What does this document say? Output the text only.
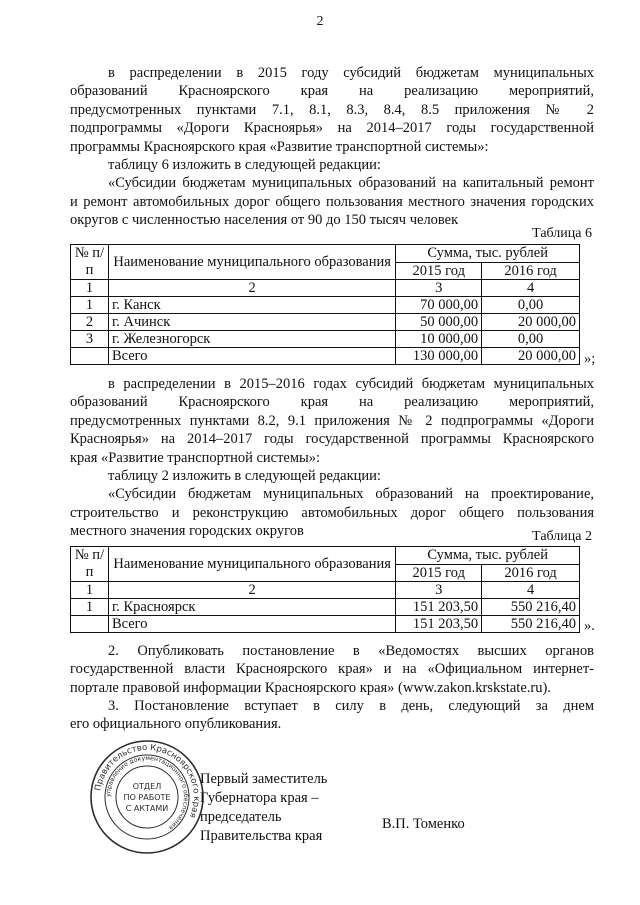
2
в распределении в 2015 году субсидий бюджетам муниципальных
образований Красноярского края на реализацию мероприятий,
предусмотренных пунктами 7.1, 8.1, 8.3, 8.4, 8.5 приложения № 2
подпрограммы «Дороги Красноярья» на 2014–2017 годы государственной
программы Красноярского края «Развитие транспортной системы»:
таблицу 6 изложить в следующей редакции:
«Субсидии бюджетам муниципальных образований на капитальный ремонт
и ремонт автомобильных дорог общего пользования местного значения городских
округов с численностью населения от 90 до 150 тысяч человек
Таблица 6
№ п/п	Наименование муниципального образования	Сумма, тыс. рублей	
		2015 год	2016 год
1	2	3	4
1	г. Канск	70 000,00	0,00
2	г. Ачинск	50 000,00	20 000,00
3	г. Железногорск	10 000,00	0,00
	Всего	130 000,00	20 000,00 »;
в распределении в 2015–2016 годах субсидий бюджетам муниципальных
образований Красноярского края на реализацию мероприятий,
предусмотренных пунктами 8.2, 9.1 приложения № 2 подпрограммы «Дороги
Красноярья» на 2014–2017 годы государственной программы Красноярского
края «Развитие транспортной системы»:
таблицу 2 изложить в следующей редакции:
«Субсидии бюджетам муниципальных образований на проектирование,
строительство и реконструкцию автомобильных дорог общего пользования
местного значения городских округов	Таблица 2
№ п/п	Наименование муниципального образования	Сумма, тыс. рублей	
		2015 год	2016 год
1	2	3	4
1	г. Красноярск	151 203,50	550 216,40
	Всего	151 203,50	550 216,40 ».
2. Опубликовать постановление в «Ведомостях высших органов
государственной власти Красноярского края» и на «Официальном интернет-
портале правовой информации Красноярского края» (www.zakon.krskstate.ru).
3. Постановление вступает в силу в день, следующий за днем
его официального опубликования.
Правительство Красноярского края
управление документационного обеспечения
ОТДЕЛ
ПО РАБОТЕ
С АКТАМИ
Первый заместитель
Губернатора края –
председатель
Правительства края
В.П. Томенко
